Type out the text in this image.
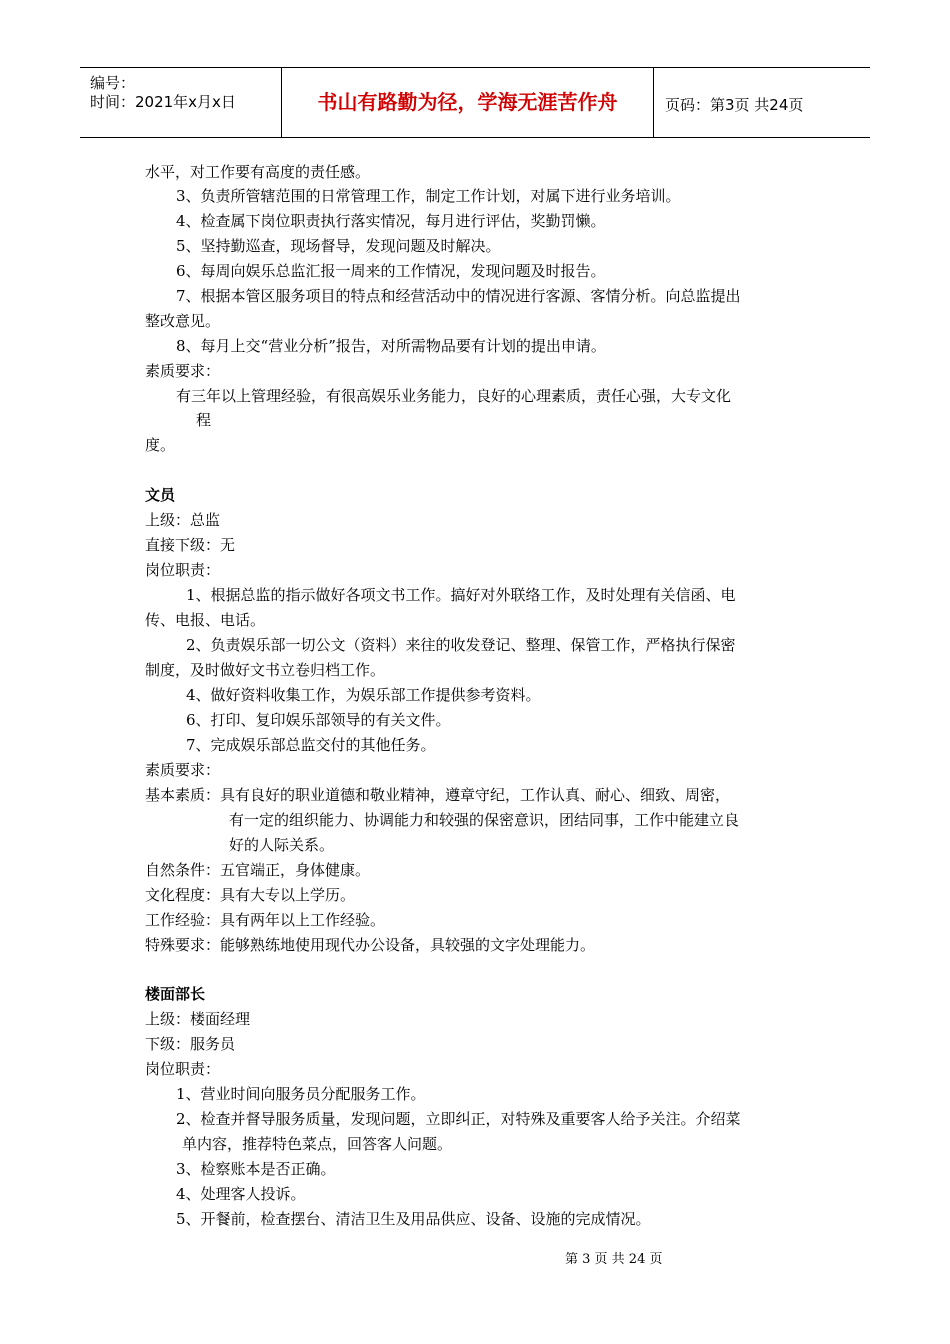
编号：
时间：2021年x月x日	书山有路勤为径，学海无涯苦作舟	页码：第3页 共24页
水平，对工作要有高度的责任感。
3、负责所管辖范围的日常管理工作，制定工作计划，对属下进行业务培训。
4、检查属下岗位职责执行落实情况，每月进行评估，奖勤罚懒。
5、坚持勤巡查，现场督导，发现问题及时解决。
6、每周向娱乐总监汇报一周来的工作情况，发现问题及时报告。
7、根据本管区服务项目的特点和经营活动中的情况进行客源、客情分析。向总监提出
整改意见。
8、每月上交“营业分析”报告，对所需物品要有计划的提出申请。
素质要求：
有三年以上管理经验，有很高娱乐业务能力，良好的心理素质，责任心强，大专文化
程
度。
文员
上级：总监
直接下级：无
岗位职责：
1、根据总监的指示做好各项文书工作。搞好对外联络工作，及时处理有关信函、电
传、电报、电话。
2、负责娱乐部一切公文（资料）来往的收发登记、整理、保管工作，严格执行保密
制度，及时做好文书立卷归档工作。
4、做好资料收集工作，为娱乐部工作提供参考资料。
6、打印、复印娱乐部领导的有关文件。
7、完成娱乐部总监交付的其他任务。
素质要求：
基本素质：具有良好的职业道德和敬业精神，遵章守纪，工作认真、耐心、细致、周密，
有一定的组织能力、协调能力和较强的保密意识，团结同事，工作中能建立良
好的人际关系。
自然条件：五官端正，身体健康。
文化程度：具有大专以上学历。
工作经验：具有两年以上工作经验。
特殊要求：能够熟练地使用现代办公设备，具较强的文字处理能力。
楼面部长
上级：楼面经理
下级：服务员
岗位职责：
1、营业时间向服务员分配服务工作。
2、检查并督导服务质量，发现问题，立即纠正，对特殊及重要客人给予关注。介绍菜
单内容，推荐特色菜点，回答客人问题。
3、检察账本是否正确。
4、处理客人投诉。
5、开餐前，检查摆台、清洁卫生及用品供应、设备、设施的完成情况。
第 3 页 共 24 页
